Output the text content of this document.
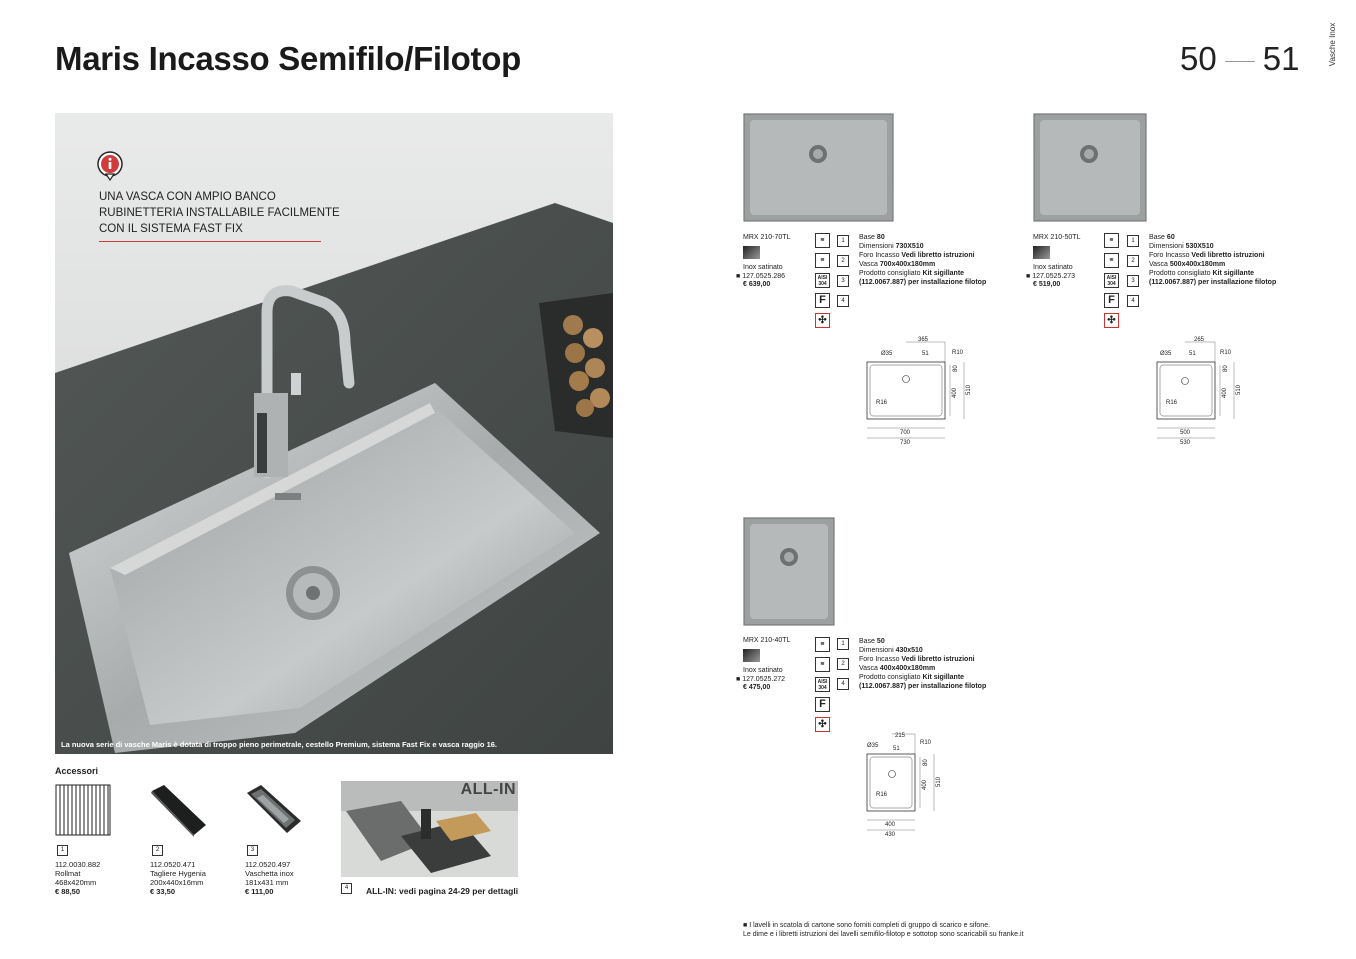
Maris Incasso Semifilo/Filotop	50 51	Vasche Inox
UNA VASCA CON AMPIO BANCO
RUBINETTERIA INSTALLABILE FACILMENTE
CON IL SISTEMA FAST FIX
La nuova serie di vasche Maris è dotata di troppo pieno perimetrale, cestello Premium, sistema Fast Fix e vasca raggio 16.
Accessori
1	2	3
112.0030.882
Rollmat
468x420mm
€ 88,50
112.0520.471
Tagliere Hygenia
200x440x16mm
€ 33,50
112.0520.497
Vaschetta inox
181x431 mm
€ 111,00
ALL-IN
4	ALL-IN: vedi pagina 24-29 per dettagli
MRX 210-70TL
Inox satinato
■ 127.0525.286
€ 639,00
≋
≋
AISI 304
F
✣
1
2
3
4
Base 80
Dimensioni 730X510
Foro Incasso Vedi libretto istruzioni
Vasca 700x400x180mm
Prodotto consigliato Kit sigillante
(112.0067.887) per installazione filotop
365
Ø35	51	R10
80
400 510
R16
700
730
MRX 210-50TL
Inox satinato
■ 127.0525.273
€ 519,00
≋
≋
AISI 304
F
✣
1
2
3
4
Base 60
Dimensioni 530X510
Foro Incasso Vedi libretto istruzioni
Vasca 500x400x180mm
Prodotto consigliato Kit sigillante
(112.0067.887) per installazione filotop
265
Ø35	51	R10
80
400 510
R16
500
530
MRX 210-40TL
Inox satinato
■ 127.0525.272
€ 475,00
≋
≋
AISI 304
F
✣
1
2
4
Base 50
Dimensioni 430x510
Foro Incasso Vedi libretto istruzioni
Vasca 400x400x180mm
Prodotto consigliato Kit sigillante
(112.0067.887) per installazione filotop
215
Ø35 51
R10
80
400 510
R16
400
430
■ I lavelli in scatola di cartone sono forniti completi di gruppo di scarico e sifone.
Le dime e i libretti istruzioni dei lavelli semifilo-filotop e sottotop sono scaricabili su franke.it
